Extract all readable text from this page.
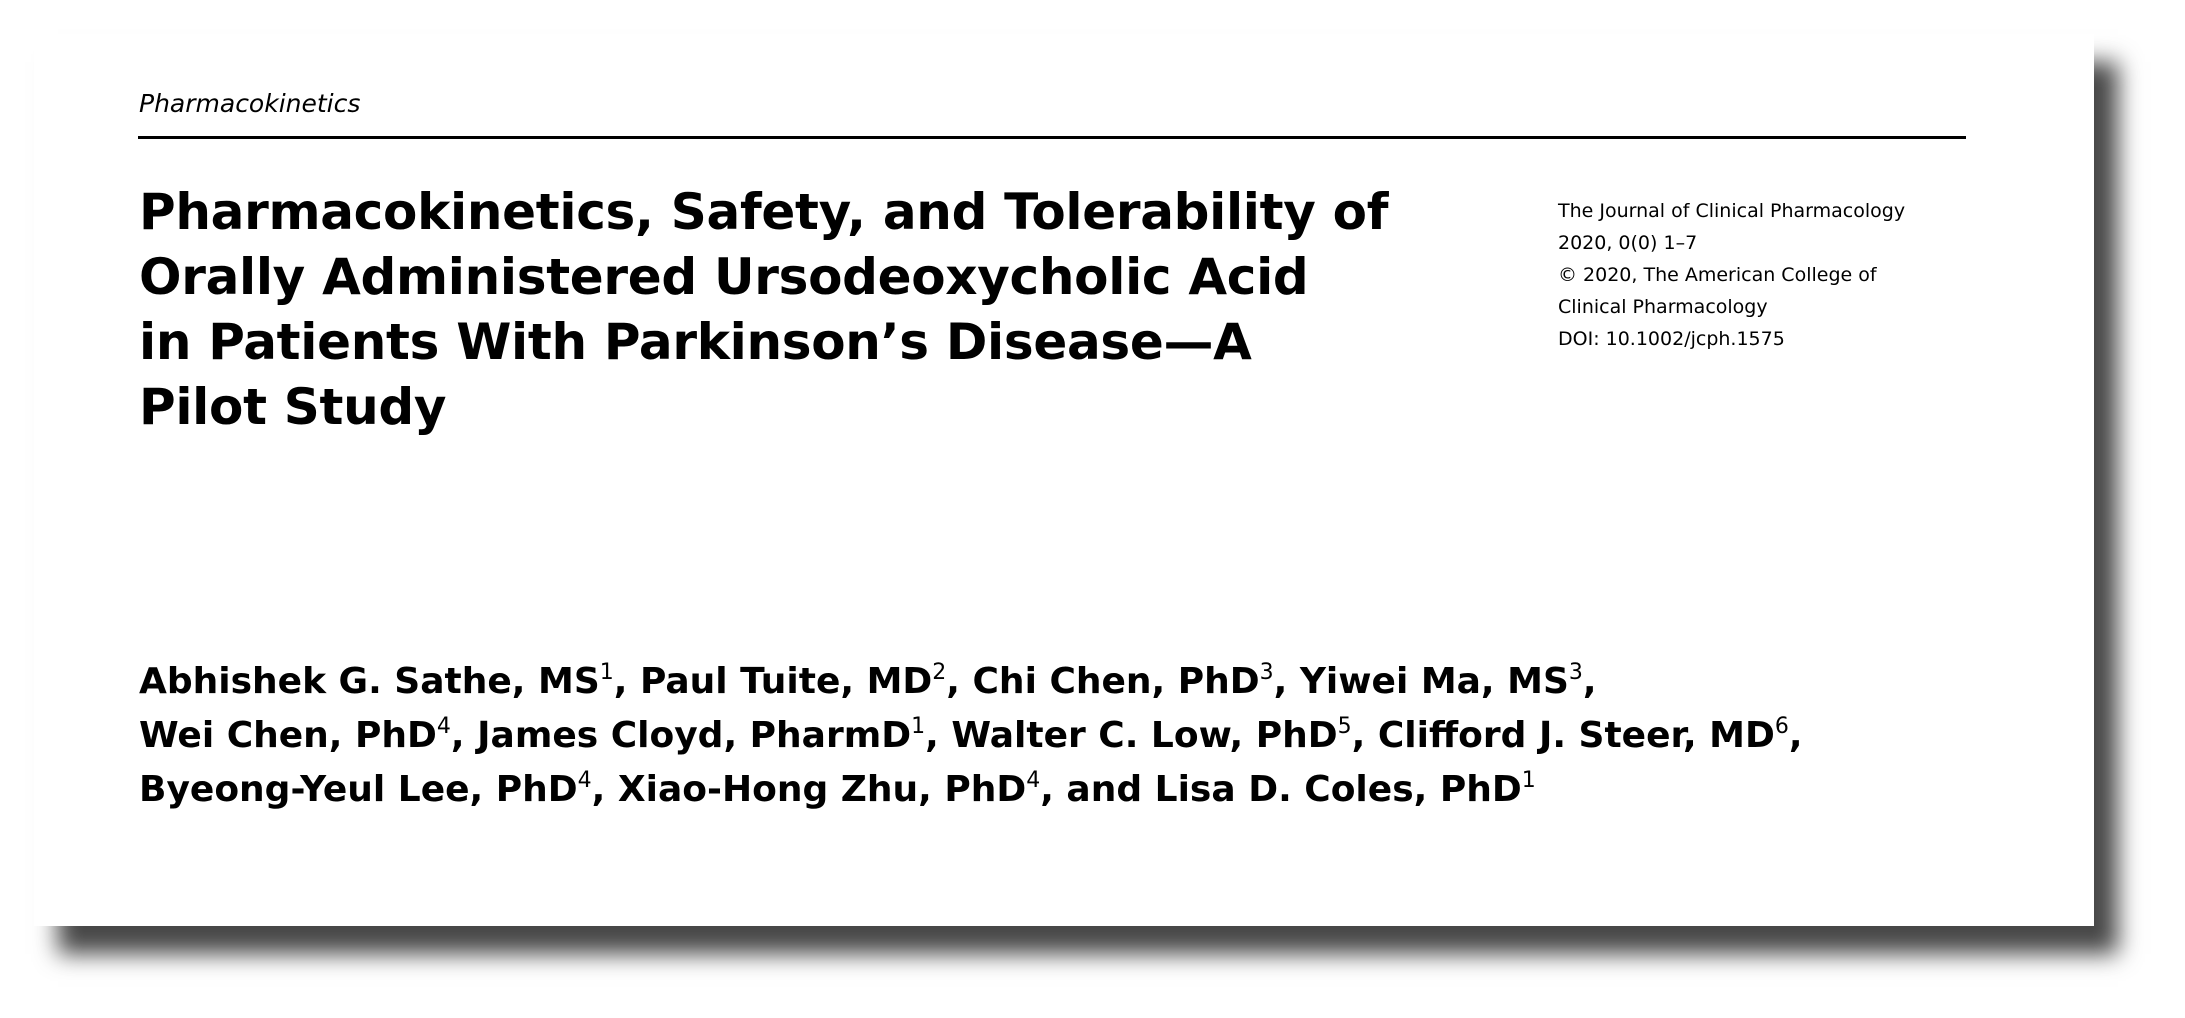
Pharmacokinetics
Pharmacokinetics, Safety, and Tolerability of
Orally Administered Ursodeoxycholic Acid
in Patients With Parkinson’s Disease—A
Pilot Study
The Journal of Clinical Pharmacology
2020, 0(0) 1–7
© 2020, The American College of
Clinical Pharmacology
DOI: 10.1002/jcph.1575
Abhishek G. Sathe, $MS^1$, Paul Tuite, $MD^2$, Chi Chen, PhD$^3$, Yiwei Ma, $MS^3$,
Wei Chen, PhD$^4$, James Cloyd, PharmD$^1$, Walter C. Low, PhD$^5$, Clifford J. Steer, $MD^6$,
Byeong-Yeul Lee, PhD$^4$, Xiao-Hong Zhu, PhD$^4$, and Lisa D. Coles, PhD$^1$
